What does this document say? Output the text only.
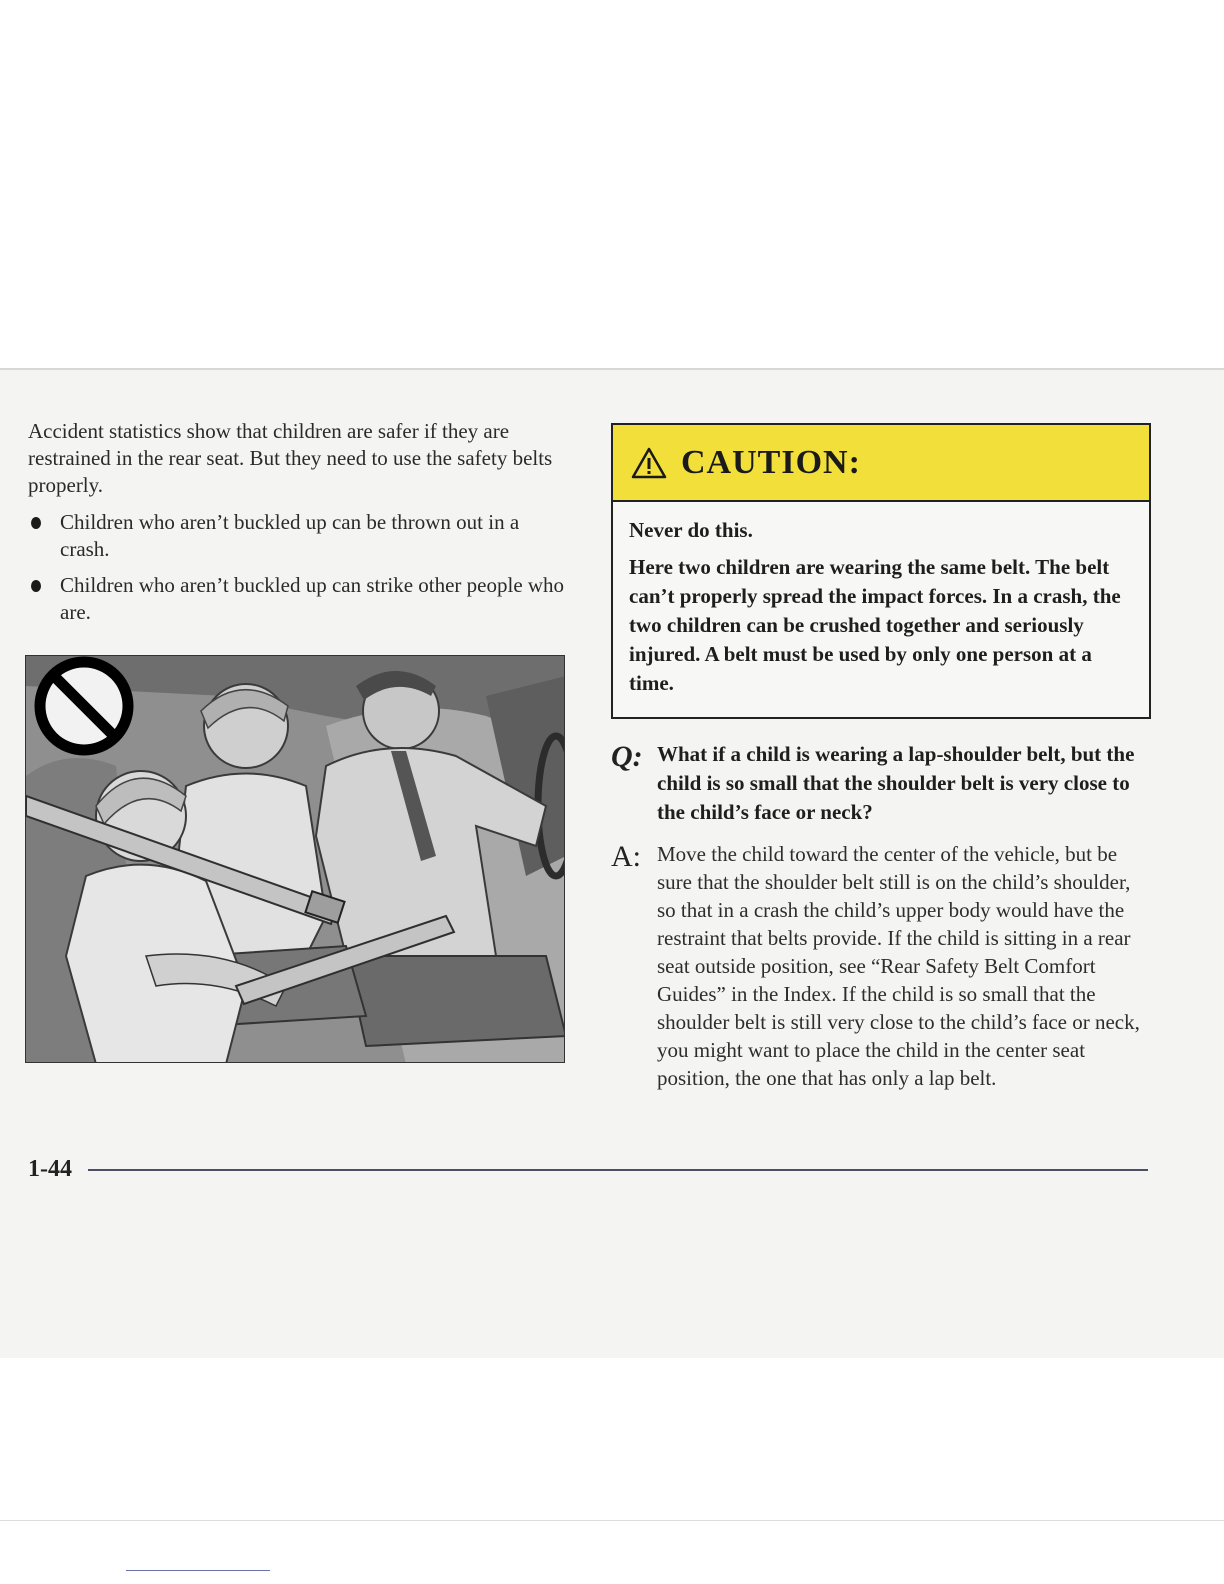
Accident statistics show that children are safer if they are restrained in the rear seat. But they need to use the safety belts properly.

Children who aren’t buckled up can be thrown out in a crash.
Children who aren’t buckled up can strike other people who are.
CAUTION:

Never do this.

Here two children are wearing the same belt. The belt can’t properly spread the impact forces. In a crash, the two children can be crushed together and seriously injured. A belt must be used by only one person at a time.

Q: What if a child is wearing a lap-shoulder belt, but the child is so small that the shoulder belt is very close to the child’s face or neck?
A: Move the child toward the center of the vehicle, but be sure that the shoulder belt still is on the child’s shoulder, so that in a crash the child’s upper body would have the restraint that belts provide. If the child is sitting in a rear seat outside position, see “Rear Safety Belt Comfort Guides” in the Index. If the child is so small that the shoulder belt is still very close to the child’s face or neck, you might want to place the child in the center seat position, the one that has only a lap belt.
1-44
